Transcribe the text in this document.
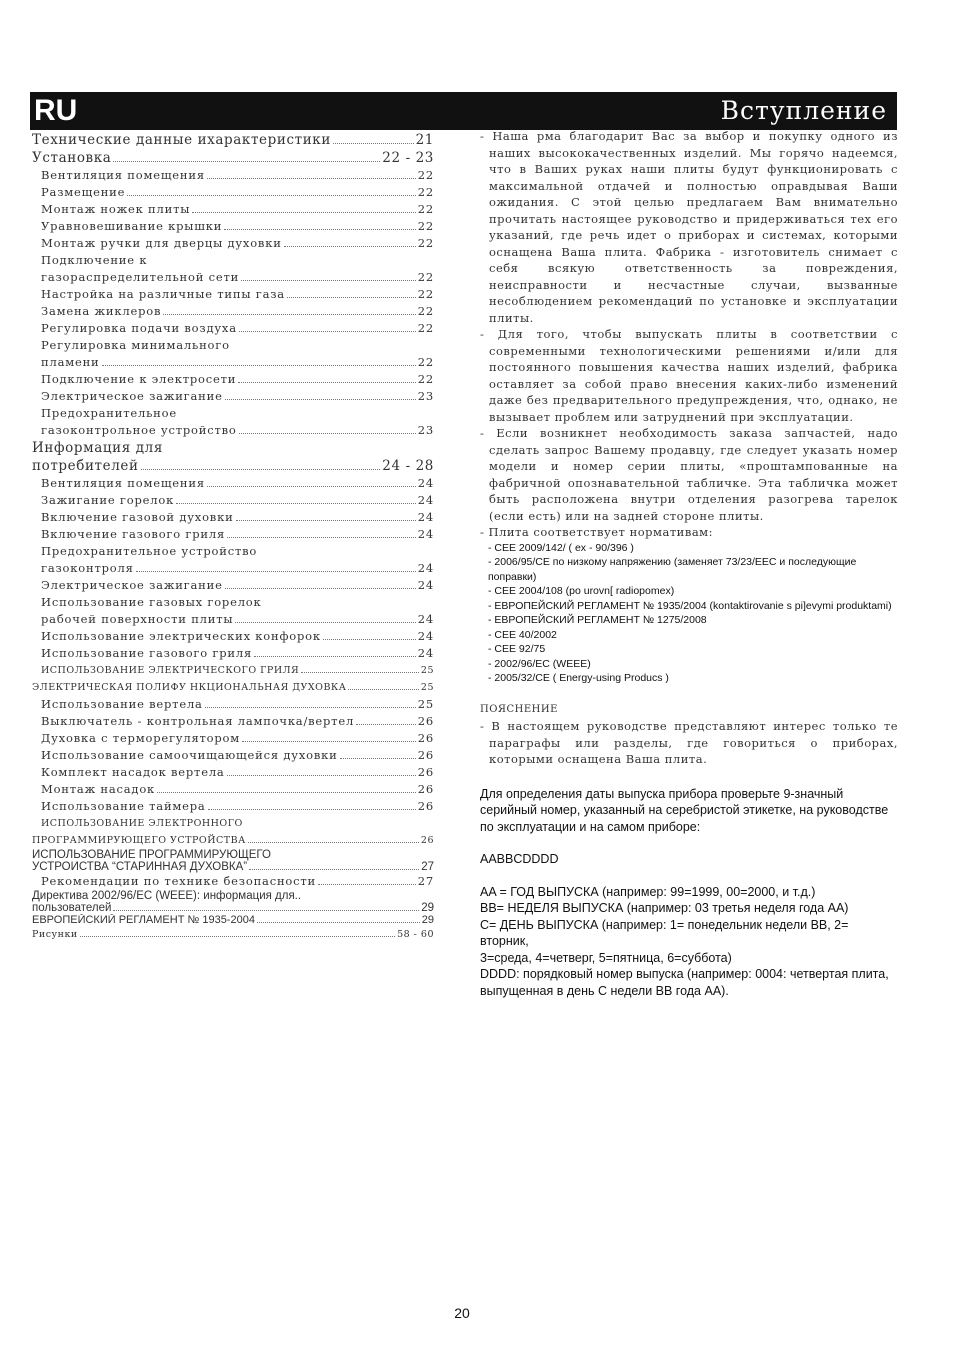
RU	Вступление
Технические данные ихарактеристики	21
Установка	22 - 23
Вентиляция помещения	22
Размещение	22
Монтаж ножек плиты	22
Уравновешивание крышки	22
Монтаж ручки для дверцы духовки	22
Подключение к
газораспределительной сети	22
Настройка на различные типы газа	22
Замена жиклеров	22
Регулировка подачи воздуха	22
Регулировка минимального
пламени	22
Подключение к электросети	22
Электрическое зажигание	23
Предохранительное
газоконтрольное устройство	23
Информация для
потребителей	24 - 28
Вентиляция помещения	24
Зажигание горелок	24
Включение газовой духовки	24
Включение газового гриля	24
Предохранительное устройство
газоконтроля	24
Электрическое зажигание	24
Использование газовых горелок
рабочей поверхности плиты	24
Использование электрических конфорок	24
Использование газового гриля	24
ИСПОЛЬЗОВАНИЕ ЭЛЕКТРИЧЕСКОГО ГРИЛЯ	25
ЭЛЕКТРИЧЕСКАЯ ПОЛИФУ НКЦИОНАЛЬНАЯ ДУХОВКА	25
Использование вертела	25
Выключатель - контрольная лампочка/вертел	26
Духовка с терморегулятором	26
Использование самоочищающейся духовки	26
Комплект насадок вертела	26
Монтаж насадок	26
Использование таймера	26
ИСПОЛЬЗОВАНИЕ ЭЛЕКТРОННОГО
ПРОГРАММИРУЮЩЕГО УСТРОЙСТВА	26
ИСПОЛЬЗОВАНИЕ ПРОГРАММИРУЮЩЕГО
УСТРОЙСТВА “СТАРИННАЯ ДУХОВКА”	27
Рекомендации по технике безопасности	27
Директива 2002/96/EC (WEEE): информация для..
пользователей	29
ЕВРОПЕЙСКИЙ РЕГЛАМЕНТ № 1935-2004	29
Рисунки	58 - 60
- Наша рма благодарит Вас за выбор и покупку одного из наших высококачественных изделий. Мы горячо надеемся, что в Ваших руках наши плиты будут функционировать с максимальной отдачей и полностью оправдывая Ваши ожидания. С этой целью предлагаем Вам внимательно прочитать настоящее руководство и придерживаться тех его указаний, где речь идет о приборах и системах, которыми оснащена Ваша плита. Фабрика - изготовитель снимает с себя всякую ответственность за повреждения, неисправности и несчастные случаи, вызванные несоблюдением рекомендаций по установке и эксплуатации плиты.
- Для того, чтобы выпускать плиты в соответствии с современными технологическими решениями и/или для постоянного повышения качества наших изделий, фабрика оставляет за собой право внесения каких-либо изменений даже без предварительного предупреждения, что, однако, не вызывает проблем или затруднений при эксплуатации.
- Если возникнет необходимость заказа запчастей, надо сделать запрос Вашему продавцу, где следует указать номер модели и номер серии плиты, «проштампованные на фабричной опознавательной табличке. Эта табличка может быть расположена внутри отделения разогрева тарелок (если есть) или на задней стороне плиты.
- Плита соответствует нормативам:
- CEE 2009/142/ ( ex - 90/396 )
- 2006/95/CE по низкому напряжению (заменяет 73/23/EEC и последующие поправки)
- CEE 2004/108 (po urovn[ radiopomex)
- ЕВРОПЕЙСКИЙ РЕГЛАМЕНТ № 1935/2004 (kontaktirovanie s pi]evymi produktami)
- ЕВРОПЕЙСКИЙ РЕГЛАМЕНТ № 1275/2008
- CEE 40/2002
- CEE 92/75
- 2002/96/EC (WEEE)
- 2005/32/CE ( Energy-using Producs )
ПОЯСНЕНИЕ
- В настоящем руководстве представляют интерес только те параграфы или разделы, где говориться о приборах, которыми оснащена Ваша плита.

Для определения даты выпуска прибора проверьте 9-значный серийный номер, указанный на серебристой этикетке, на руководстве по эксплуатации и на самом приборе:

AABBCDDDD

AA = ГОД ВЫПУСКА (например: 99=1999, 00=2000, и т.д.)

BB= НЕДЕЛЯ ВЫПУСКА (например: 03 третья неделя года AA)

C= ДЕНЬ ВЫПУСКА (например: 1= понедельник недели BB, 2= вторник,

3=среда, 4=четверг, 5=пятница, 6=суббота)

DDDD: порядковый номер выпуска (например: 0004: четвертая плита, выпущенная в день С недели BB года AA).

20
